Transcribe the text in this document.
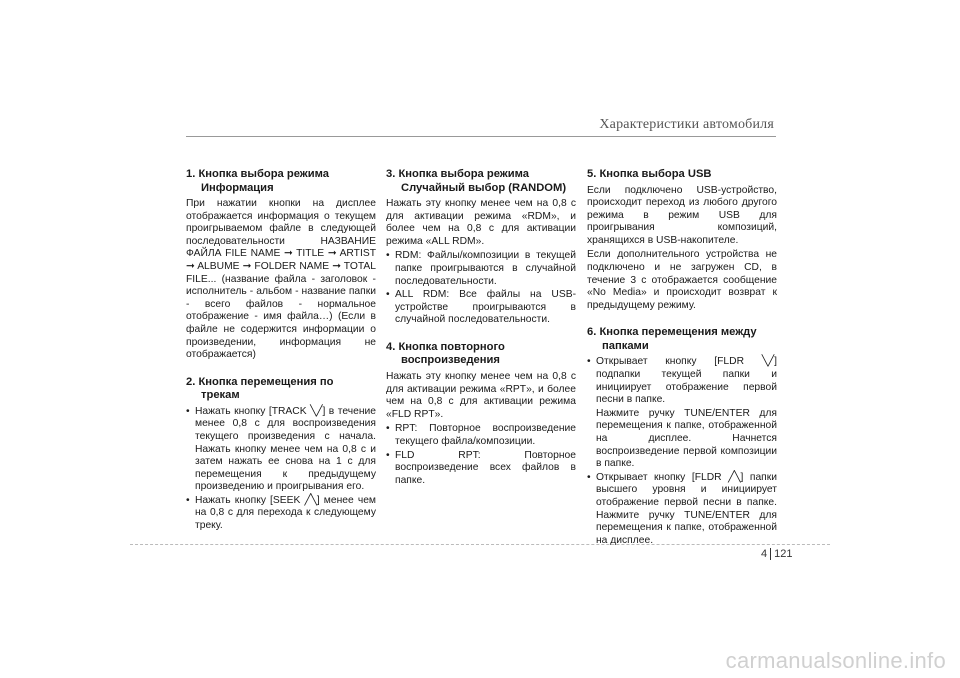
Характеристики автомобиля
1. Кнопка выбора режима
Информация
При нажатии кнопки на дисплее отображается информация о текущем проигрываемом файле в следующей последовательности НАЗВАНИЕ ФАЙЛА FILE NAME ➞ TITLE ➞ ARTIST ➞ ALBUME ➞ FOLDER NAME ➞ TOTAL FILE... (название файла - заголовок - исполнитель - альбом - название папки - всего файлов - нормальное отображение - имя файла…) (Если в файле не содержится информации о произведении, информация не отображается)
2. Кнопка перемещения по
трекам
• Нажать кнопку [TRACK ╲╱] в течение менее 0,8 с для воспроизведения текущего произведения с начала. Нажать кнопку менее чем на 0,8 с и затем нажать ее снова на 1 с для перемещения к предыдущему произведению и проигрывания его.
• Нажать кнопку [SEEK ╱╲] менее чем на 0,8 с для перехода к следующему треку.
3. Кнопка выбора режима
Случайный выбор (RANDOM)
Нажать эту кнопку менее чем на 0,8 с для активации режима «RDM», и более чем на 0,8 с для активации режима «ALL RDM».
• RDM: Файлы/композиции в текущей папке проигрываются в случайной последовательности.
• ALL RDM: Все файлы на USB-устройстве проигрываются в случайной последовательности.
4. Кнопка повторного
воспроизведения
Нажать эту кнопку менее чем на 0,8 с для активации режима «RPT», и более чем на 0,8 с для активации режима «FLD RPT».
• RPT: Повторное воспроизведение текущего файла/композиции.
• FLD RPT: Повторное воспроизведение всех файлов в папке.
5. Кнопка выбора USB
Если подключено USB-устройство, происходит переход из любого другого режима в режим USB для проигрывания композиций, хранящихся в USB-накопителе.
Если дополнительного устройства не подключено и не загружен CD, в течение 3 с отображается сообщение «No Media» и происходит возврат к предыдущему режиму.
6. Кнопка перемещения между
папками
• Открывает кнопку [FLDR ╲╱] подпапки текущей папки и инициирует отображение первой песни в папке.
Нажмите ручку TUNE/ENTER для перемещения к папке, отображенной на дисплее. Начнется воспроизведение первой композиции в папке.
• Открывает кнопку [FLDR ╱╲] папки высшего уровня и инициирует отображение первой песни в папке. Нажмите ручку TUNE/ENTER для перемещения к папке, отображенной на дисплее.
4 121
carmanualsonline.info
